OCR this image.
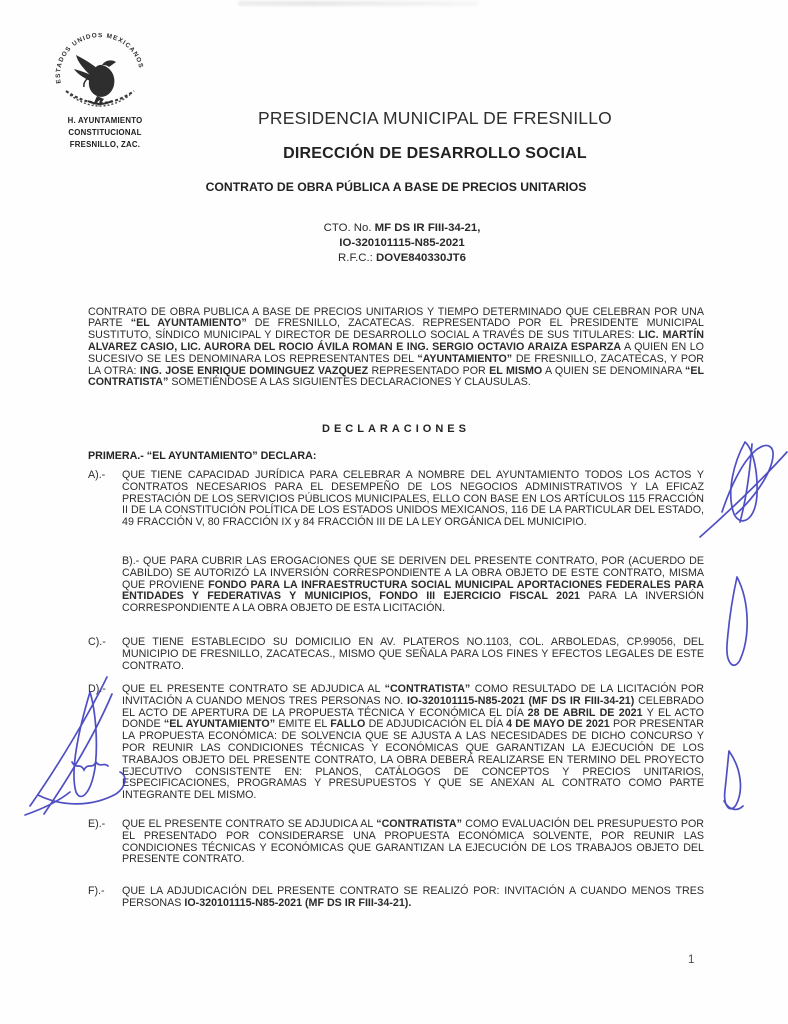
ESTADOS UNIDOS MEXICANOS
H. AYUNTAMIENTO
CONSTITUCIONAL
FRESNILLO, ZAC.
PRESIDENCIA MUNICIPAL DE FRESNILLO
DIRECCIÓN DE DESARROLLO SOCIAL
CONTRATO DE OBRA PÚBLICA A BASE DE PRECIOS UNITARIOS
CTO. No. MF DS IR FIII-34-21,
IO-320101115-N85-2021
R.F.C.: DOVE840330JT6

CONTRATO DE OBRA PUBLICA A BASE DE PRECIOS UNITARIOS Y TIEMPO DETERMINADO QUE CELEBRAN POR UNA PARTE “EL AYUNTAMIENTO” DE FRESNILLO, ZACATECAS. REPRESENTADO POR EL PRESIDENTE MUNICIPAL SUSTITUTO, SÍNDICO MUNICIPAL Y DIRECTOR DE DESARROLLO SOCIAL A TRAVÉS DE SUS TITULARES: LIC. MARTÍN ALVAREZ CASIO, LIC. AURORA DEL ROCIO ÁVILA ROMAN E ING. SERGIO OCTAVIO ARAIZA ESPARZA A QUIEN EN LO SUCESIVO SE LES DENOMINARA LOS REPRESENTANTES DEL “AYUNTAMIENTO” DE FRESNILLO, ZACATECAS, Y POR LA OTRA: ING. JOSE ENRIQUE DOMINGUEZ VAZQUEZ REPRESENTADO POR EL MISMO A QUIEN SE DENOMINARA “EL CONTRATISTA” SOMETIÉNDOSE A LAS SIGUIENTES DECLARACIONES Y CLAUSULAS.

DECLARACIONES
PRIMERA.- “EL AYUNTAMIENTO” DECLARA:
A).-	QUE TIENE CAPACIDAD JURÍDICA PARA CELEBRAR A NOMBRE DEL AYUNTAMIENTO TODOS LOS ACTOS Y CONTRATOS NECESARIOS PARA EL DESEMPEÑO DE LOS NEGOCIOS ADMINISTRATIVOS Y LA EFICAZ PRESTACIÓN DE LOS SERVICIOS PÚBLICOS MUNICIPALES, ELLO CON BASE EN LOS ARTÍCULOS 115 FRACCIÓN II DE LA CONSTITUCIÓN POLÍTICA DE LOS ESTADOS UNIDOS MEXICANOS, 116 DE LA PARTICULAR DEL ESTADO, 49 FRACCIÓN V, 80 FRACCIÓN IX y 84 FRACCIÓN III DE LA LEY ORGÁNICA DEL MUNICIPIO.
B).- QUE PARA CUBRIR LAS EROGACIONES QUE SE DERIVEN DEL PRESENTE CONTRATO, POR (ACUERDO DE CABILDO) SE AUTORIZÓ LA INVERSIÓN CORRESPONDIENTE A LA OBRA OBJETO DE ESTE CONTRATO, MISMA QUE PROVIENE FONDO PARA LA INFRAESTRUCTURA SOCIAL MUNICIPAL APORTACIONES FEDERALES PARA ENTIDADES Y FEDERATIVAS Y MUNICIPIOS, FONDO III EJERCICIO FISCAL 2021 PARA LA INVERSIÓN CORRESPONDIENTE A LA OBRA OBJETO DE ESTA LICITACIÓN.
C).-	QUE TIENE ESTABLECIDO SU DOMICILIO EN AV. PLATEROS NO.1103, COL. ARBOLEDAS, CP.99056, DEL MUNICIPIO DE FRESNILLO, ZACATECAS., MISMO QUE SEÑALA PARA LOS FINES Y EFECTOS LEGALES DE ESTE CONTRATO.
D).-	QUE EL PRESENTE CONTRATO SE ADJUDICA AL “CONTRATISTA” COMO RESULTADO DE LA LICITACIÓN POR INVITACIÓN A CUANDO MENOS TRES PERSONAS NO. IO-320101115-N85-2021 (MF DS IR FIII-34-21) CELEBRADO EL ACTO DE APERTURA DE LA PROPUESTA TÉCNICA Y ECONÓMICA EL DÍA 28 DE ABRIL DE 2021 Y EL ACTO DONDE “EL AYUNTAMIENTO” EMITE EL FALLO DE ADJUDICACIÓN EL DÍA 4 DE MAYO DE 2021 POR PRESENTAR LA PROPUESTA ECONÓMICA: DE SOLVENCIA QUE SE AJUSTA A LAS NECESIDADES DE DICHO CONCURSO Y POR REUNIR LAS CONDICIONES TÉCNICAS Y ECONÓMICAS QUE GARANTIZAN LA EJECUCIÓN DE LOS TRABAJOS OBJETO DEL PRESENTE CONTRATO, LA OBRA DEBERÁ REALIZARSE EN TERMINO DEL PROYECTO EJECUTIVO CONSISTENTE EN: PLANOS, CATÁLOGOS DE CONCEPTOS Y PRECIOS UNITARIOS, ESPECIFICACIONES, PROGRAMAS Y PRESUPUESTOS Y QUE SE ANEXAN AL CONTRATO COMO PARTE INTEGRANTE DEL MISMO.
E).-	QUE EL PRESENTE CONTRATO SE ADJUDICA AL “CONTRATISTA” COMO EVALUACIÓN DEL PRESUPUESTO POR EL PRESENTADO POR CONSIDERARSE UNA PROPUESTA ECONÓMICA SOLVENTE, POR REUNIR LAS CONDICIONES TÉCNICAS Y ECONÓMICAS QUE GARANTIZAN LA EJECUCIÓN DE LOS TRABAJOS OBJETO DEL PRESENTE CONTRATO.
F).-	QUE LA ADJUDICACIÓN DEL PRESENTE CONTRATO SE REALIZÓ POR: INVITACIÓN A CUANDO MENOS TRES PERSONAS IO-320101115-N85-2021 (MF DS IR FIII-34-21).
1
